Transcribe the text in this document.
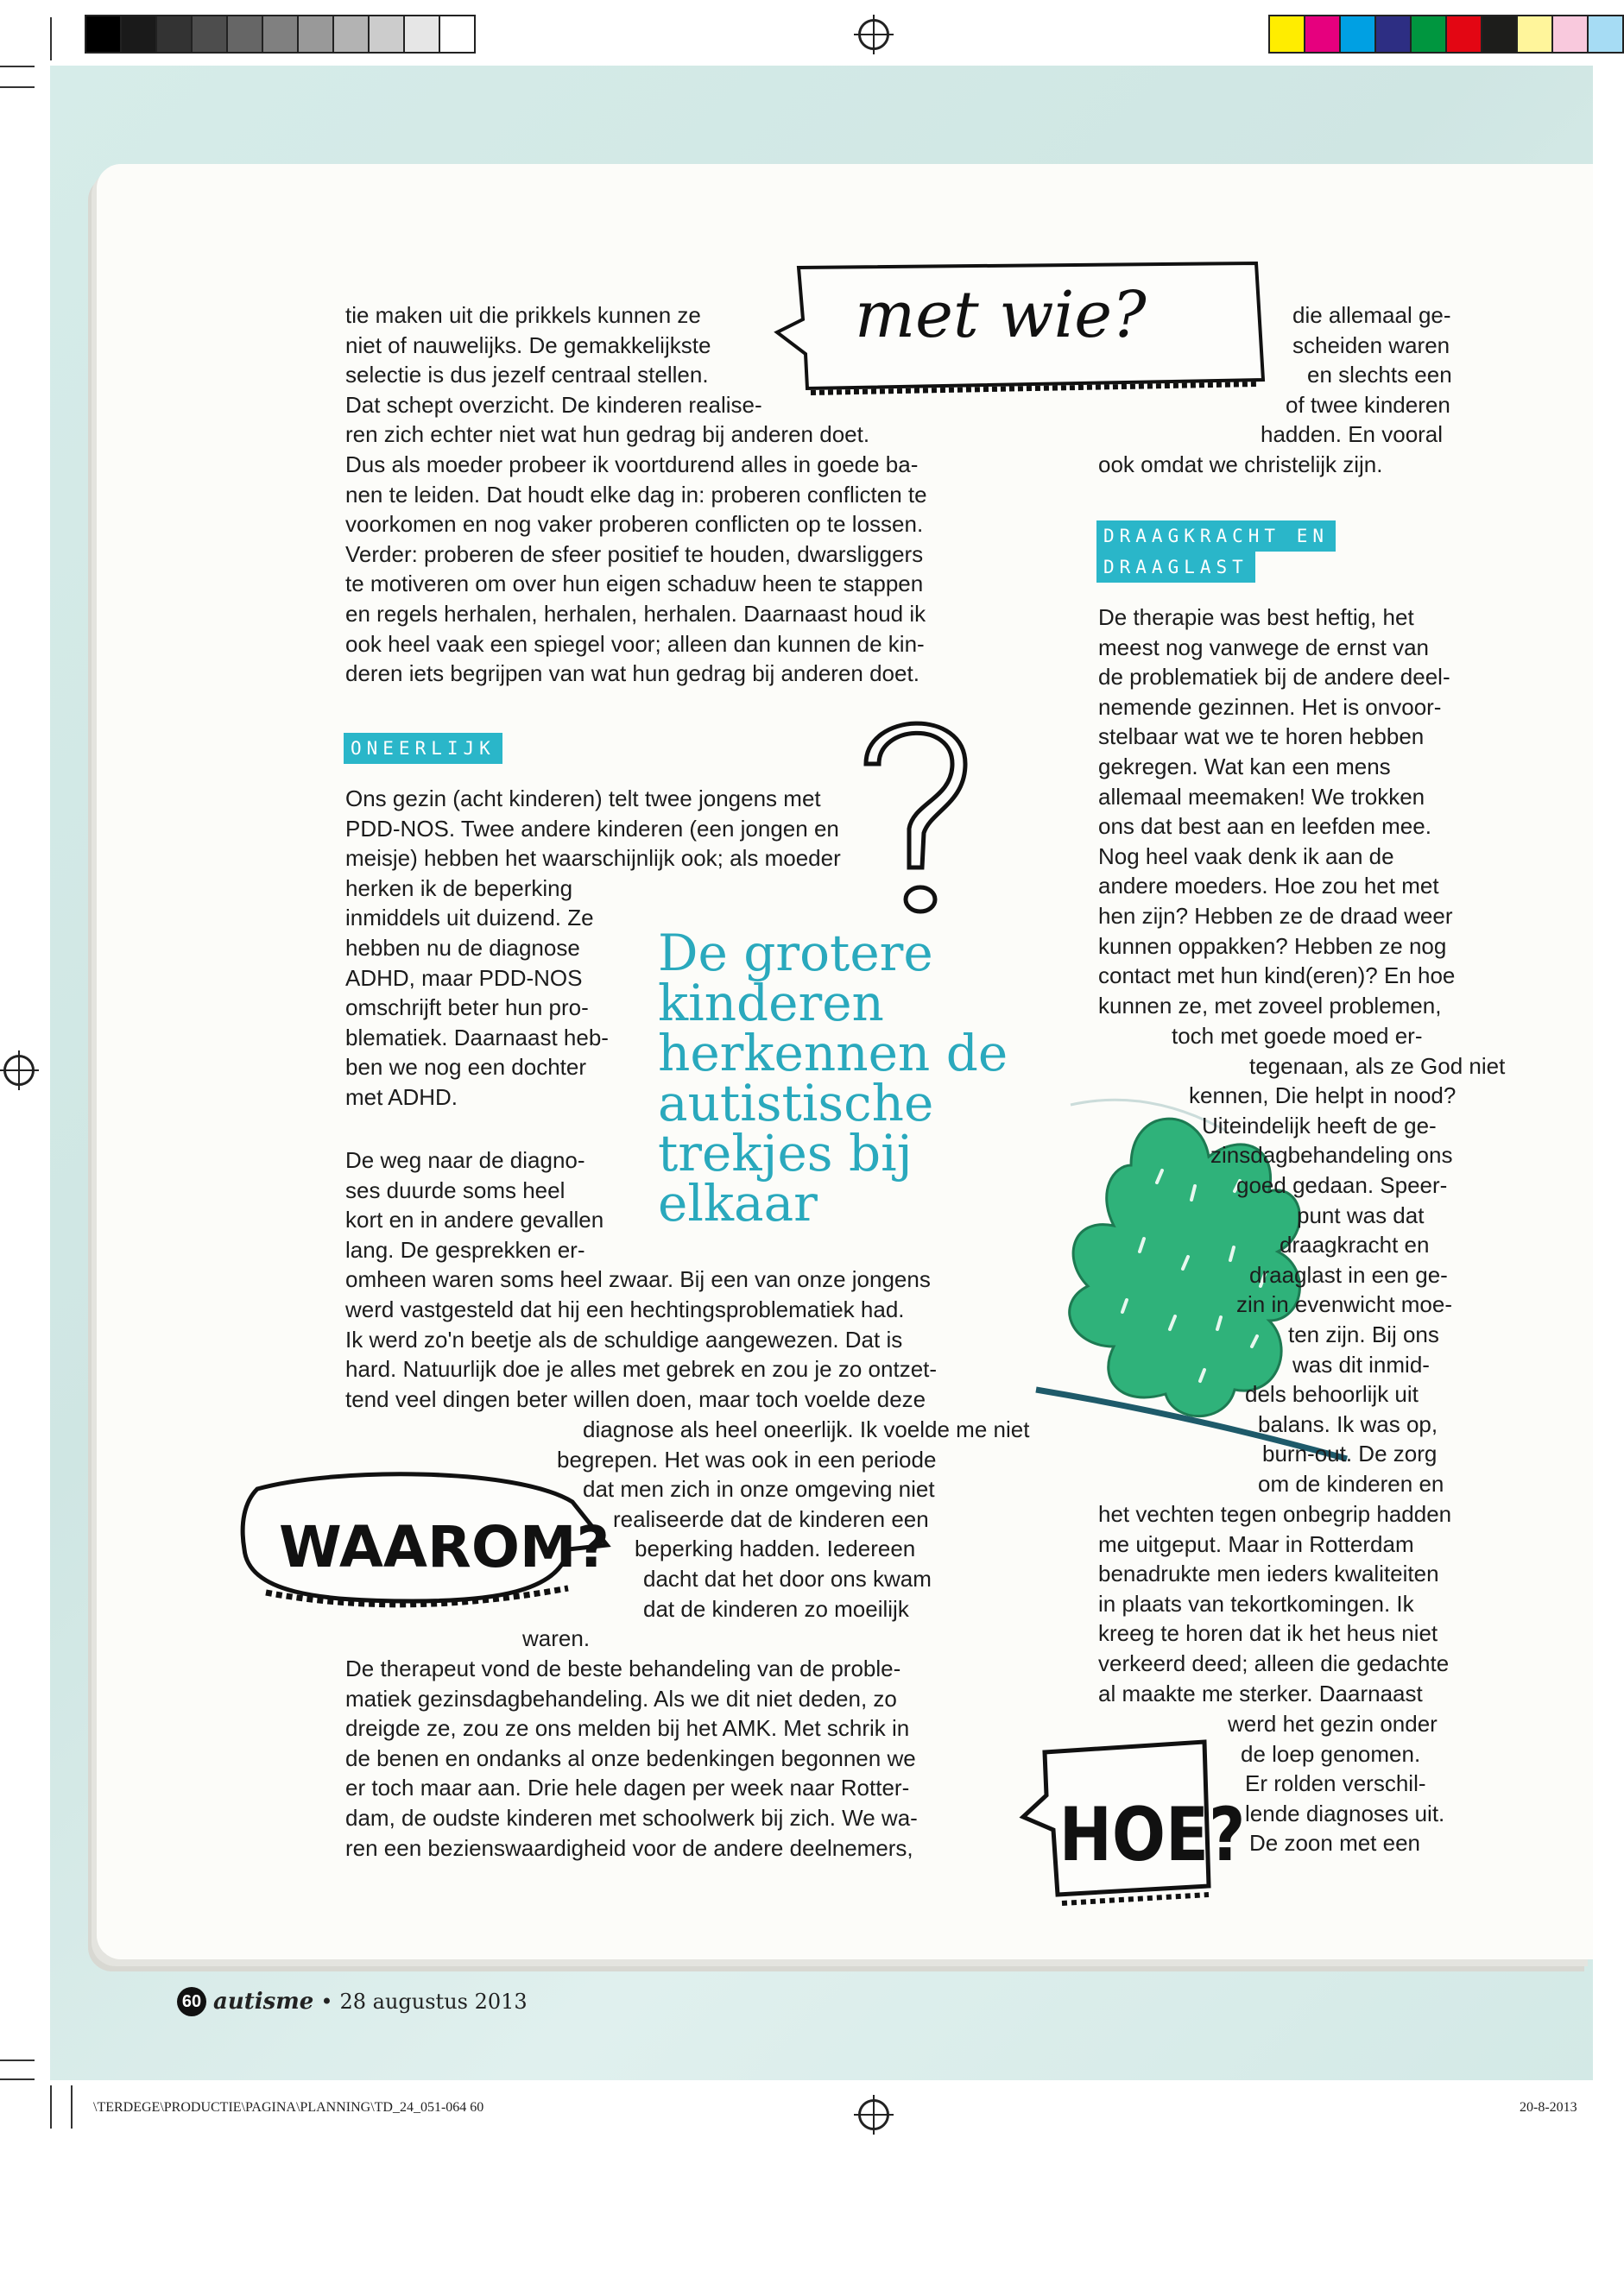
met wie?
WAAROM?
HOE?

tie maken uit die prikkels kunnen ze

niet of nauwelijks. De gemakkelijkste

selectie is dus jezelf centraal stellen.

Dat schept overzicht. De kinderen realise-

ren zich echter niet wat hun gedrag bij anderen doet.

Dus als moeder probeer ik voortdurend alles in goede ba-

nen te leiden. Dat houdt elke dag in: proberen conflicten te

voorkomen en nog vaker proberen conflicten op te lossen.

Verder: proberen de sfeer positief te houden, dwarsliggers

te motiveren om over hun eigen schaduw heen te stappen

en regels herhalen, herhalen, herhalen. Daarnaast houd ik

ook heel vaak een spiegel voor; alleen dan kunnen de kin-

deren iets begrijpen van wat hun gedrag bij anderen doet.

ONEERLIJK

Ons gezin (acht kinderen) telt twee jongens met

PDD-NOS. Twee andere kinderen (een jongen en

meisje) hebben het waarschijnlijk ook; als moeder

herken ik de beperking

inmiddels uit duizend. Ze

hebben nu de diagnose

ADHD, maar PDD-NOS

omschrijft beter hun pro-

blematiek. Daarnaast heb-

ben we nog een dochter

met ADHD.

De weg naar de diagno-

ses duurde soms heel

kort en in andere gevallen

lang. De gesprekken er-

omheen waren soms heel zwaar. Bij een van onze jongens

werd vastgesteld dat hij een hechtingsproblematiek had.

Ik werd zo'n beetje als de schuldige aangewezen. Dat is

hard. Natuurlijk doe je alles met gebrek en zou je zo ontzet-

tend veel dingen beter willen doen, maar toch voelde deze

diagnose als heel oneerlijk. Ik voelde me niet

begrepen. Het was ook in een periode

dat men zich in onze omgeving niet

realiseerde dat de kinderen een

beperking hadden. Iedereen

dacht dat het door ons kwam

dat de kinderen zo moeilijk

waren.

De therapeut vond de beste behandeling van de proble-

matiek gezinsdagbehandeling. Als we dit niet deden, zo

dreigde ze, zou ze ons melden bij het AMK. Met schrik in

de benen en ondanks al onze bedenkingen begonnen we

er toch maar aan. Drie hele dagen per week naar Rotter-

dam, de oudste kinderen met schoolwerk bij zich. We wa-

ren een bezienswaardigheid voor de andere deelnemers,

De grotere
kinderen
herkennen de
autistische
trekjes bij
elkaar

die allemaal ge-

scheiden waren

en slechts een

of twee kinderen

hadden. En vooral

ook omdat we christelijk zijn.

DRAAGKRACHT EN
DRAAGLAST

De therapie was best heftig, het

meest nog vanwege de ernst van

de problematiek bij de andere deel-

nemende gezinnen. Het is onvoor-

stelbaar wat we te horen hebben

gekregen. Wat kan een mens

allemaal meemaken! We trokken

ons dat best aan en leefden mee.

Nog heel vaak denk ik aan de

andere moeders. Hoe zou het met

hen zijn? Hebben ze de draad weer

kunnen oppakken? Hebben ze nog

contact met hun kind(eren)? En hoe

kunnen ze, met zoveel problemen,

toch met goede moed er-

tegenaan, als ze God niet

kennen, Die helpt in nood?

Uiteindelijk heeft de ge-

zinsdagbehandeling ons

goed gedaan. Speer-

punt was dat

draagkracht en

draaglast in een ge-

zin in evenwicht moe-

ten zijn. Bij ons

was dit inmid-

dels behoorlijk uit

balans. Ik was op,

burn-out. De zorg

om de kinderen en

het vechten tegen onbegrip hadden

me uitgeput. Maar in Rotterdam

benadrukte men ieders kwaliteiten

in plaats van tekortkomingen. Ik

kreeg te horen dat ik het heus niet

verkeerd deed; alleen die gedachte

al maakte me sterker. Daarnaast

werd het gezin onder

de loep genomen.

Er rolden verschil-

lende diagnoses uit.

De zoon met een

60 autisme • 28 augustus 2013
\TERDEGE\PRODUCTIE\PAGINA\PLANNING\TD_24_051-064 60	20-8-2013
